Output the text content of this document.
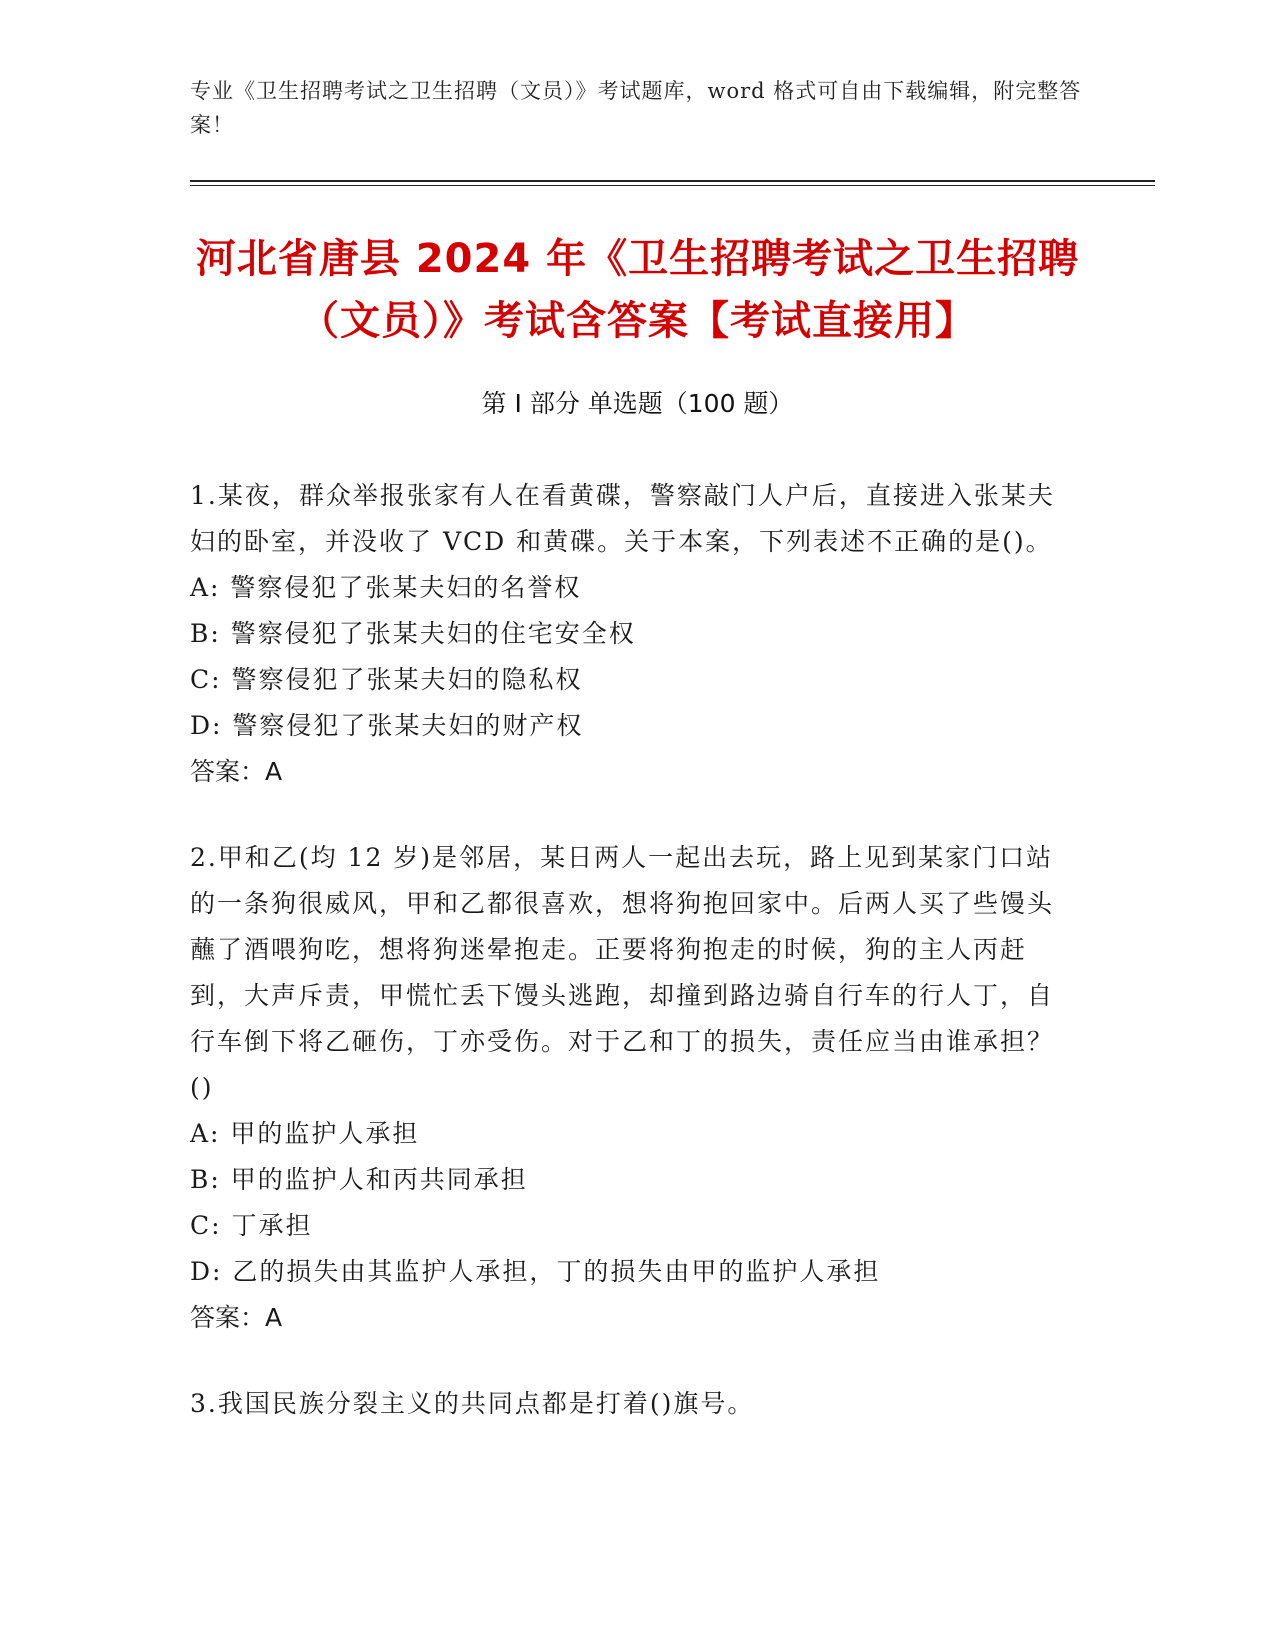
专业《卫生招聘考试之卫生招聘（文员）》考试题库，word 格式可自由下载编辑，附完整答案！
河北省唐县 2024 年《卫生招聘考试之卫生招聘（文员）》考试含答案【考试直接用】
第 I 部分 单选题（100 题）

1.某夜，群众举报张家有人在看黄碟，警察敲门人户后，直接进入张某夫妇的卧室，并没收了 VCD 和黄碟。关于本案，下列表述不正确的是()。

A: 警察侵犯了张某夫妇的名誉权

B: 警察侵犯了张某夫妇的住宅安全权

C: 警察侵犯了张某夫妇的隐私权

D: 警察侵犯了张某夫妇的财产权

答案：A

2.甲和乙(均 12 岁)是邻居，某日两人一起出去玩，路上见到某家门口站的一条狗很威风，甲和乙都很喜欢，想将狗抱回家中。后两人买了些馒头蘸了酒喂狗吃，想将狗迷晕抱走。正要将狗抱走的时候，狗的主人丙赶到，大声斥责，甲慌忙丢下馒头逃跑，却撞到路边骑自行车的行人丁，自行车倒下将乙砸伤，丁亦受伤。对于乙和丁的损失，责任应当由谁承担？()

A: 甲的监护人承担

B: 甲的监护人和丙共同承担

C: 丁承担

D: 乙的损失由其监护人承担，丁的损失由甲的监护人承担

答案：A

3.我国民族分裂主义的共同点都是打着()旗号。
